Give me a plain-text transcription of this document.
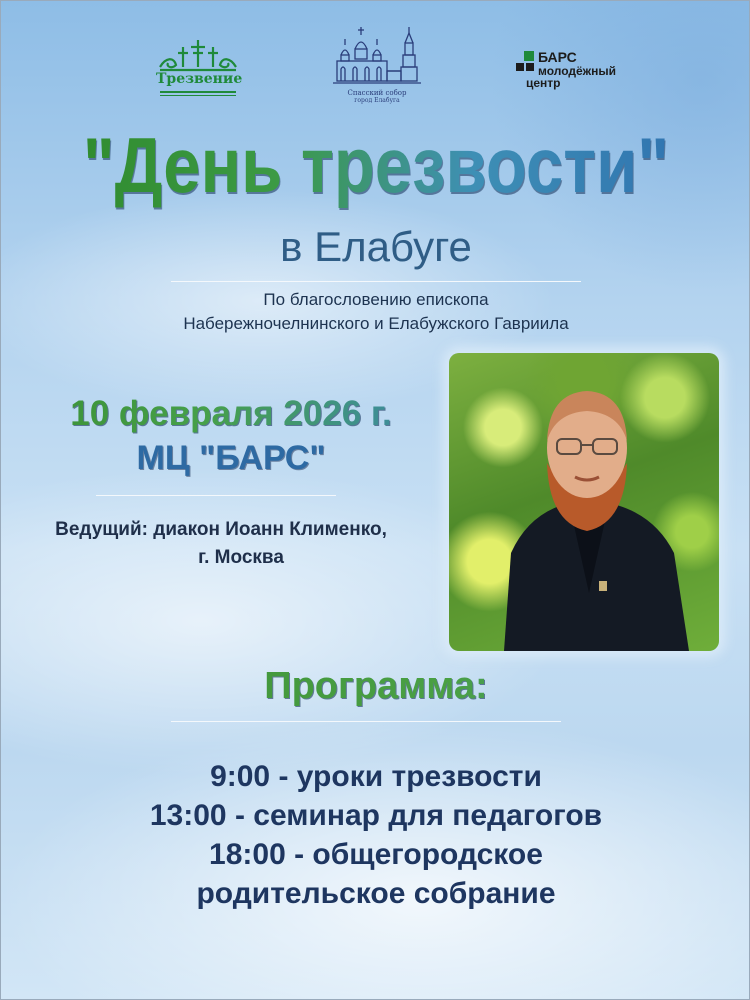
Трезвение
Спасский собор
город Елабуга
БАРС
молодёжный
центр
"День трезвости"
в Елабуге
По благословению епископа
Набережночелнинского и Елабужского Гавриила
10 февраля 2026 г.
МЦ "БАРС"
Ведущий: диакон Иоанн Клименко,
г. Москва
Программа:
9:00 - уроки трезвости
13:00 - семинар для педагогов
18:00 - общегородское
родительское собрание
